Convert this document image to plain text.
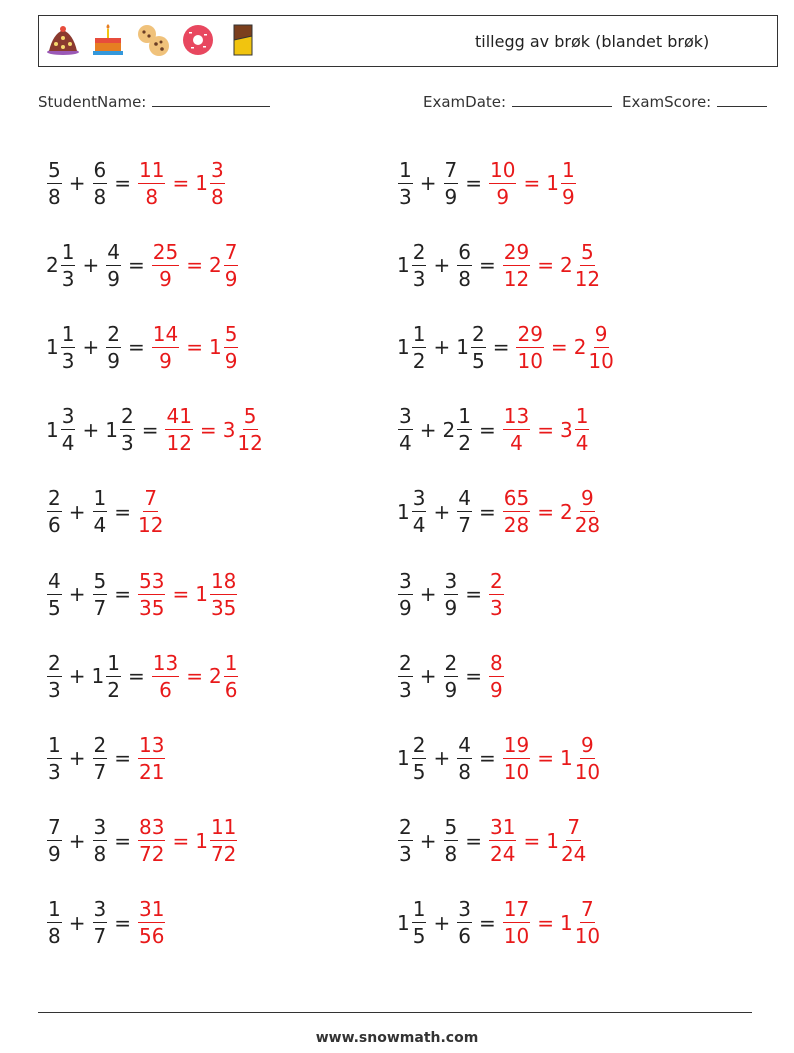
tillegg av brøk (blandet brøk)
StudentName:	ExamDate:	ExamScore:
$\frac{5}{8} + \frac{6}{8} = \frac{11}{8} = 1 \frac{3}{8}$
$2 \frac{1}{3} + \frac{4}{9} = \frac{25}{9} = 2 \frac{7}{9}$
$1 \frac{1}{3} + \frac{2}{9} = \frac{14}{9} = 1 \frac{5}{9}$
$1 \frac{3}{4} + 1 \frac{2}{3} = \frac{41}{12} = 3 \frac{5}{12}$
$\frac{2}{6} + \frac{1}{4} = \frac{7}{12}$
$\frac{4}{5} + \frac{5}{7} = \frac{53}{35} = 1 \frac{18}{35}$
$\frac{2}{3} + 1 \frac{1}{2} = \frac{13}{6} = 2 \frac{1}{6}$
$\frac{1}{3} + \frac{2}{7} = \frac{13}{21}$
$\frac{7}{9} + \frac{3}{8} = \frac{83}{72} = 1 \frac{11}{72}$
$\frac{1}{8} + \frac{3}{7} = \frac{31}{56}$
$\frac{1}{3} + \frac{7}{9} = \frac{10}{9} = 1 \frac{1}{9}$
$1 \frac{2}{3} + \frac{6}{8} = \frac{29}{12} = 2 \frac{5}{12}$
$1 \frac{1}{2} + 1 \frac{2}{5} = \frac{29}{10} = 2 \frac{9}{10}$
$\frac{3}{4} + 2 \frac{1}{2} = \frac{13}{4} = 3 \frac{1}{4}$
$1 \frac{3}{4} + \frac{4}{7} = \frac{65}{28} = 2 \frac{9}{28}$
$\frac{3}{9} + \frac{3}{9} = \frac{2}{3}$
$\frac{2}{3} + \frac{2}{9} = \frac{8}{9}$
$1 \frac{2}{5} + \frac{4}{8} = \frac{19}{10} = 1 \frac{9}{10}$
$\frac{2}{3} + \frac{5}{8} = \frac{31}{24} = 1 \frac{7}{24}$
$1 \frac{1}{5} + \frac{3}{6} = \frac{17}{10} = 1 \frac{7}{10}$
www.snowmath.com
